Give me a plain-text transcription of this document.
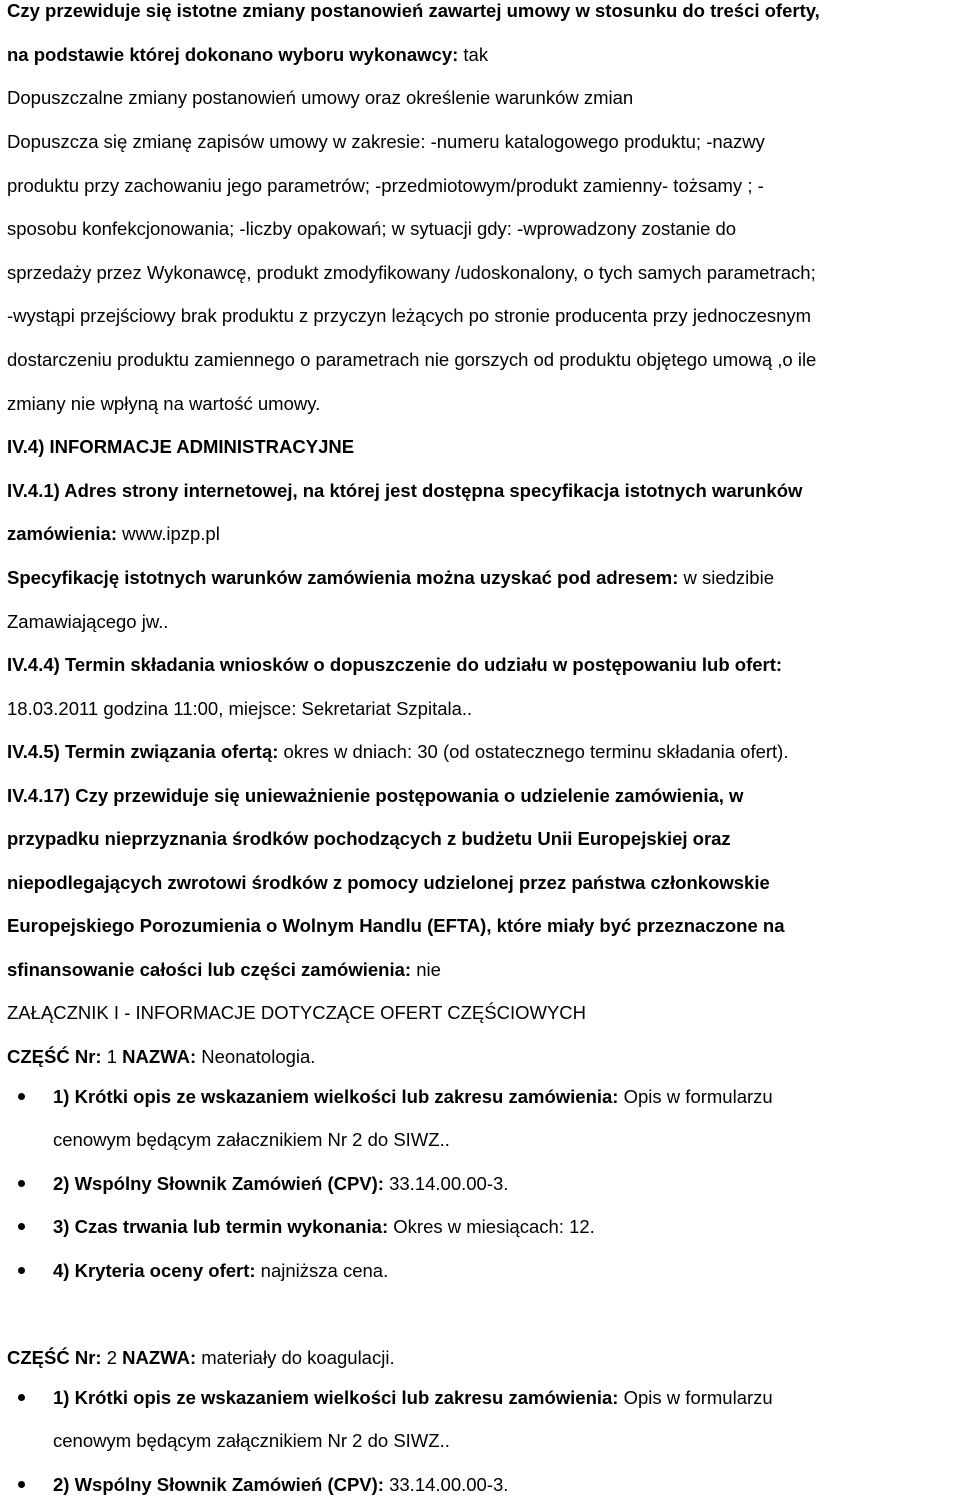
Czy przewiduje się istotne zmiany postanowień zawartej umowy w stosunku do treści oferty,
na podstawie której dokonano wyboru wykonawcy: tak
Dopuszczalne zmiany postanowień umowy oraz określenie warunków zmian
Dopuszcza się zmianę zapisów umowy w zakresie: -numeru katalogowego produktu; -nazwy
produktu przy zachowaniu jego parametrów; -przedmiotowym/produkt zamienny- tożsamy ; -
sposobu konfekcjonowania; -liczby opakowań; w sytuacji gdy: -wprowadzony zostanie do
sprzedaży przez Wykonawcę, produkt zmodyfikowany /udoskonalony, o tych samych parametrach;
-wystąpi przejściowy brak produktu z przyczyn leżących po stronie producenta przy jednoczesnym
dostarczeniu produktu zamiennego o parametrach nie gorszych od produktu objętego umową ,o ile
zmiany nie wpłyną na wartość umowy.
IV.4) INFORMACJE ADMINISTRACYJNE
IV.4.1) Adres strony internetowej, na której jest dostępna specyfikacja istotnych warunków
zamówienia: www.ipzp.pl
Specyfikację istotnych warunków zamówienia można uzyskać pod adresem: w siedzibie
Zamawiającego jw..
IV.4.4) Termin składania wniosków o dopuszczenie do udziału w postępowaniu lub ofert:
18.03.2011 godzina 11:00, miejsce: Sekretariat Szpitala..
IV.4.5) Termin związania ofertą: okres w dniach: 30 (od ostatecznego terminu składania ofert).
IV.4.17) Czy przewiduje się unieważnienie postępowania o udzielenie zamówienia, w
przypadku nieprzyznania środków pochodzących z budżetu Unii Europejskiej oraz
niepodlegających zwrotowi środków z pomocy udzielonej przez państwa członkowskie
Europejskiego Porozumienia o Wolnym Handlu (EFTA), które miały być przeznaczone na
sfinansowanie całości lub części zamówienia: nie
ZAŁĄCZNIK I - INFORMACJE DOTYCZĄCE OFERT CZĘŚCIOWYCH
CZĘŚĆ Nr: 1 NAZWA: Neonatologia.
1) Krótki opis ze wskazaniem wielkości lub zakresu zamówienia: Opis w formularzu
cenowym będącym załacznikiem Nr 2 do SIWZ..
2) Wspólny Słownik Zamówień (CPV): 33.14.00.00-3.
3) Czas trwania lub termin wykonania: Okres w miesiącach: 12.
4) Kryteria oceny ofert: najniższa cena.
CZĘŚĆ Nr: 2 NAZWA: materiały do koagulacji.
1) Krótki opis ze wskazaniem wielkości lub zakresu zamówienia: Opis w formularzu
cenowym będącym załącznikiem Nr 2 do SIWZ..
2) Wspólny Słownik Zamówień (CPV): 33.14.00.00-3.
